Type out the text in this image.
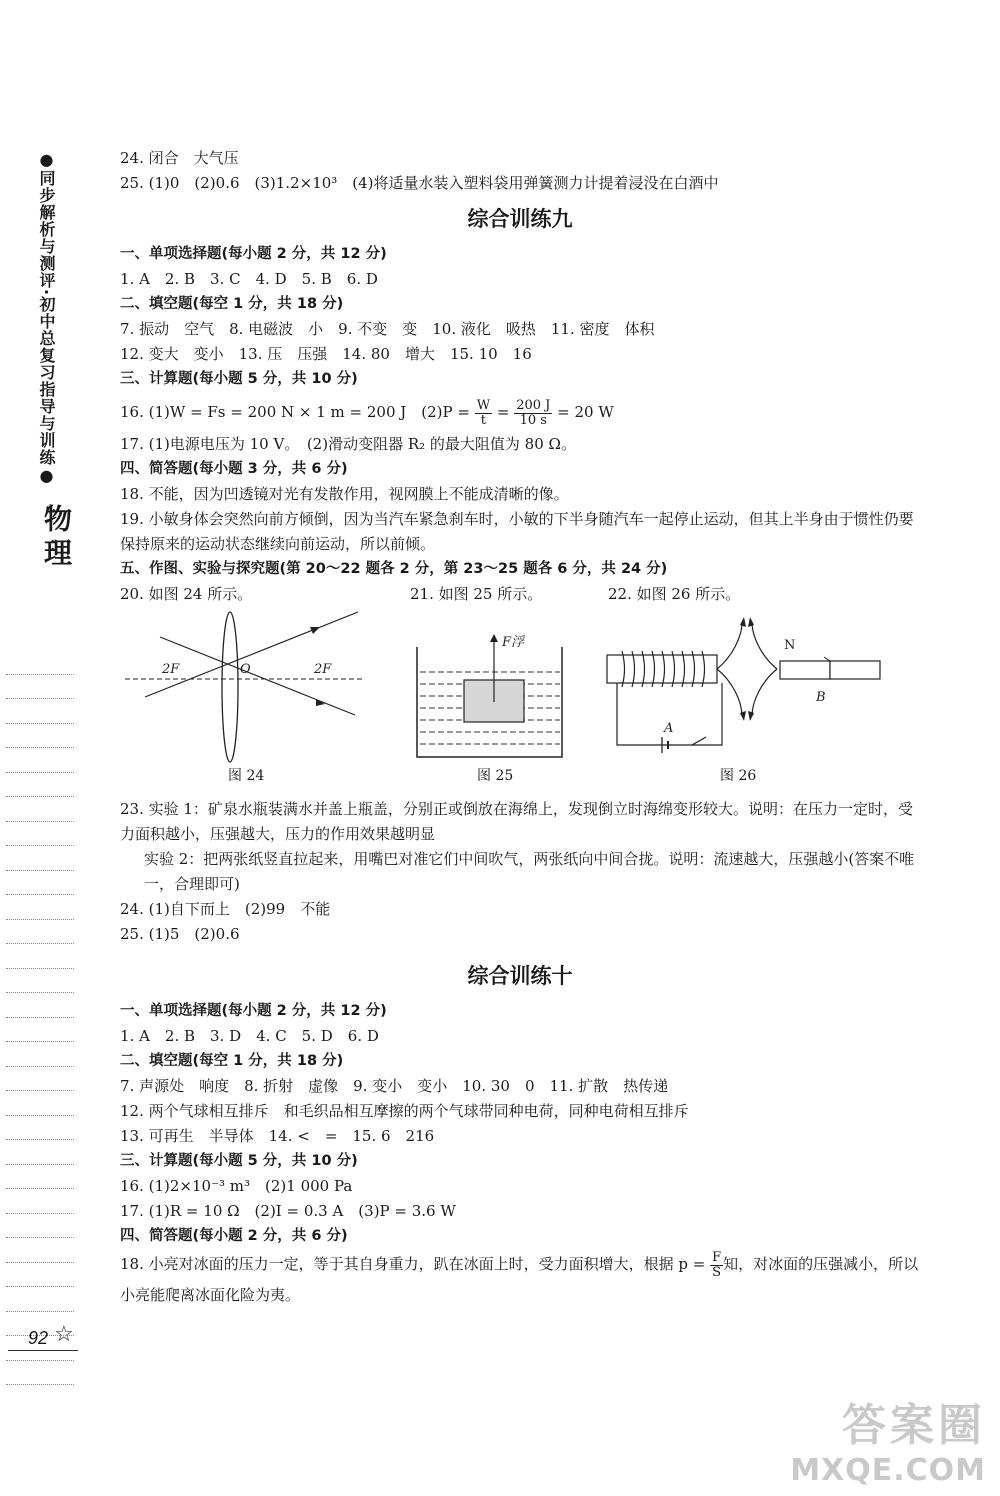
●同步解析与测评·初中总复习指导与训练●
物理
92 ☆
24. 闭合　大气压
25. (1)0　(2)0.6　(3)1.2×10³　(4)将适量水装入塑料袋用弹簧测力计提着浸没在白酒中
综合训练九
一、单项选择题(每小题 2 分，共 12 分)
1. A　2. B　3. C　4. D　5. B　6. D
二、填空题(每空 1 分，共 18 分)
7. 振动　空气　8. 电磁波　小　9. 不变　变　10. 液化　吸热　11. 密度　体积
12. 变大　变小　13. 压　压强　14. 80　增大　15. 10　16
三、计算题(每小题 5 分，共 10 分)
16. (1)W = Fs = 200 N × 1 m = 200 J　$(2)P = \frac{W}{t} = \frac{200 J}{10 s} = 20$ W
17. (1)电源电压为 10 V。　(2)滑动变阻器 R₂ 的最大阻值为 80 Ω。
四、简答题(每小题 3 分，共 6 分)
18. 不能，因为凹透镜对光有发散作用，视网膜上不能成清晰的像。
19. 小敏身体会突然向前方倾倒，因为当汽车紧急刹车时，小敏的下半身随汽车一起停止运动，但其上半身由于惯性仍要保持原来的运动状态继续向前运动，所以前倾。
五、作图、实验与探究题(第 20～22 题各 2 分，第 23～25 题各 6 分，共 24 分)
20. 如图 24 所示。	21. 如图 25 所示。	22. 如图 26 所示。
2F	O	2F
图 24
F浮
图 25
N
A
B
图 26
23. 实验 1：矿泉水瓶装满水并盖上瓶盖，分别正或倒放在海绵上，发现倒立时海绵变形较大。说明：在压力一定时，受力面积越小，压强越大，压力的作用效果越明显
实验 2：把两张纸竖直拉起来，用嘴巴对准它们中间吹气，两张纸向中间合拢。说明：流速越大，压强越小(答案不唯一，合理即可)
24. (1)自下而上　(2)99　不能
25. (1)5　(2)0.6
综合训练十
一、单项选择题(每小题 2 分，共 12 分)
1. A　2. B　3. D　4. C　5. D　6. D
二、填空题(每空 1 分，共 18 分)
7. 声源处　响度　8. 折射　虚像　9. 变小　变小　10. 30　0　11. 扩散　热传递
12. 两个气球相互排斥　和毛织品相互摩擦的两个气球带同种电荷，同种电荷相互排斥
13. 可再生　半导体　14. <　=　15. 6　216
三、计算题(每小题 5 分，共 10 分)
16. (1)2×10⁻³ m³　(2)1 000 Pa
17. (1)R = 10 Ω　(2)I = 0.3 A　(3)P = 3.6 W
四、简答题(每小题 2 分，共 6 分)
18. 小亮对冰面的压力一定，等于其自身重力，趴在冰面上时，受力面积增大，根据 $p = \frac{F}{S}$ 知，对冰面的压强减小，所以小亮能爬离冰面化险为夷。
答案圈
MXQE.COM
